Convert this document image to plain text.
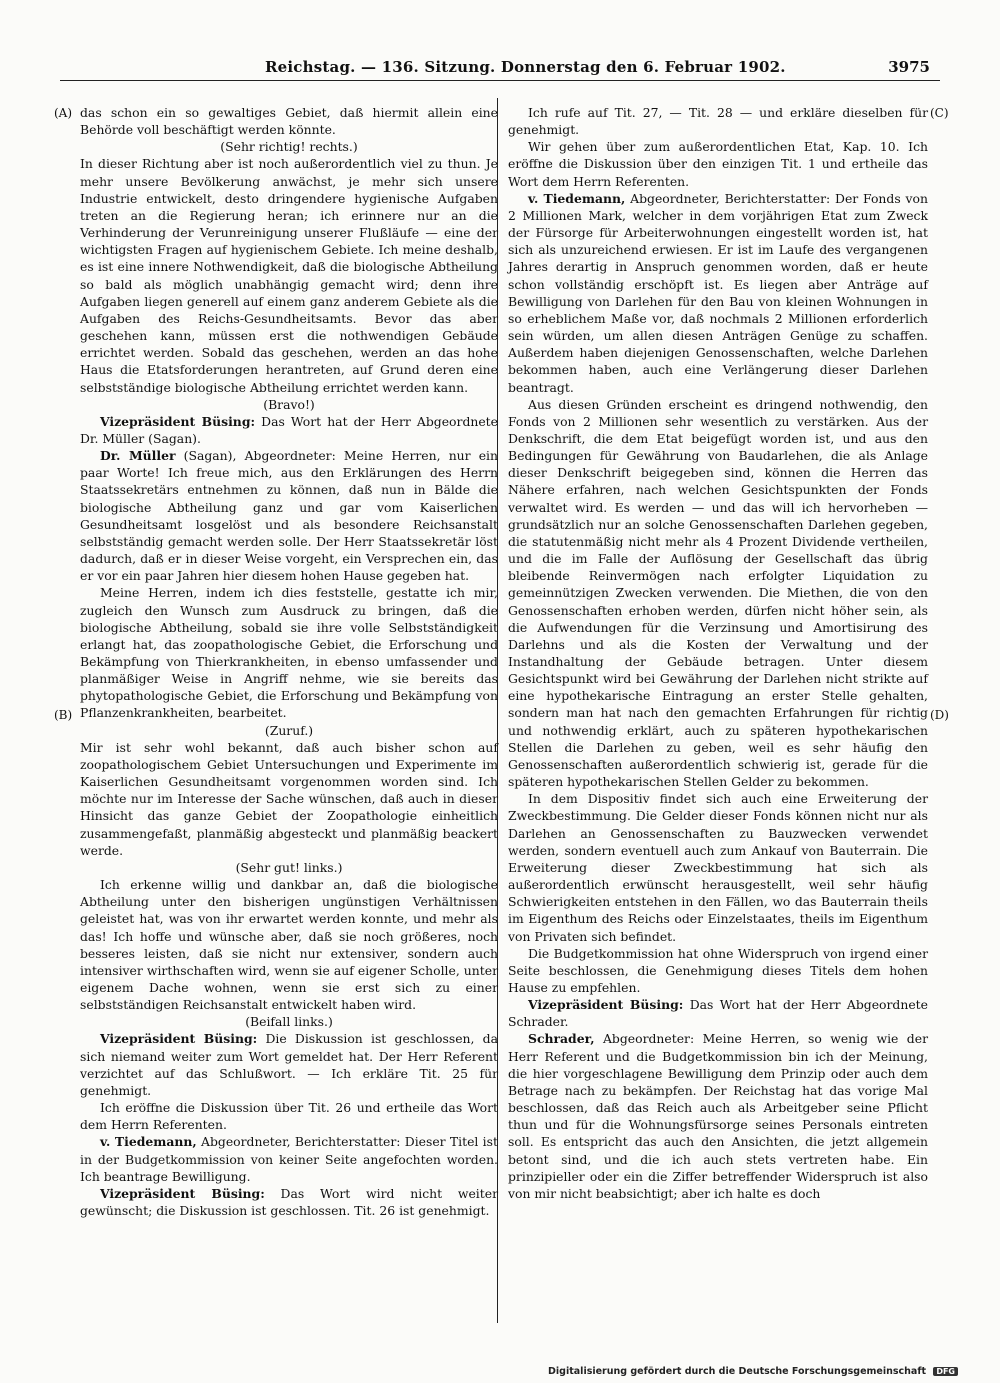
Reichstag. — 136. Sitzung. Donnerstag den 6. Februar 1902.	3975
(A)
(B)
(C)
(D)

das schon ein so gewaltiges Gebiet, daß hiermit allein eine Behörde voll beschäftigt werden könnte.

(Sehr richtig! rechts.)

In dieser Richtung aber ist noch außerordentlich viel zu thun. Je mehr unsere Bevölkerung anwächst, je mehr sich unsere Industrie entwickelt, desto dringendere hygienische Aufgaben treten an die Regierung heran; ich erinnere nur an die Verhinderung der Verunreinigung unserer Flußläufe — eine der wichtigsten Fragen auf hygienischem Gebiete. Ich meine deshalb, es ist eine innere Nothwendigkeit, daß die biologische Abtheilung so bald als möglich unabhängig gemacht wird; denn ihre Aufgaben liegen generell auf einem ganz anderem Gebiete als die Aufgaben des Reichs-Gesundheitsamts. Bevor das aber geschehen kann, müssen erst die nothwendigen Gebäude errichtet werden. Sobald das geschehen, werden an das hohe Haus die Etatsforderungen herantreten, auf Grund deren eine selbstständige biologische Abtheilung errichtet werden kann.

(Bravo!)

Vizepräsident Büsing: Das Wort hat der Herr Abgeordnete Dr. Müller (Sagan).

Dr. Müller (Sagan), Abgeordneter: Meine Herren, nur ein paar Worte! Ich freue mich, aus den Erklärungen des Herrn Staatssekretärs entnehmen zu können, daß nun in Bälde die biologische Abtheilung ganz und gar vom Kaiserlichen Gesundheitsamt losgelöst und als besondere Reichsanstalt selbstständig gemacht werden solle. Der Herr Staatssekretär löst dadurch, daß er in dieser Weise vorgeht, ein Versprechen ein, das er vor ein paar Jahren hier diesem hohen Hause gegeben hat.

Meine Herren, indem ich dies feststelle, gestatte ich mir, zugleich den Wunsch zum Ausdruck zu bringen, daß die biologische Abtheilung, sobald sie ihre volle Selbstständigkeit erlangt hat, das zoopathologische Gebiet, die Erforschung und Bekämpfung von Thierkrankheiten, in ebenso umfassender und planmäßiger Weise in Angriff nehme, wie sie bereits das phytopathologische Gebiet, die Erforschung und Bekämpfung von Pflanzenkrankheiten, bearbeitet.

(Zuruf.)

Mir ist sehr wohl bekannt, daß auch bisher schon auf zoopathologischem Gebiet Untersuchungen und Experimente im Kaiserlichen Gesundheitsamt vorgenommen worden sind. Ich möchte nur im Interesse der Sache wünschen, daß auch in dieser Hinsicht das ganze Gebiet der Zoopathologie einheitlich zusammengefaßt, planmäßig abgesteckt und planmäßig beackert werde.

(Sehr gut! links.)

Ich erkenne willig und dankbar an, daß die biologische Abtheilung unter den bisherigen ungünstigen Verhältnissen geleistet hat, was von ihr erwartet werden konnte, und mehr als das! Ich hoffe und wünsche aber, daß sie noch größeres, noch besseres leisten, daß sie nicht nur extensiver, sondern auch intensiver wirthschaften wird, wenn sie auf eigener Scholle, unter eigenem Dache wohnen, wenn sie erst sich zu einer selbstständigen Reichsanstalt entwickelt haben wird.

(Beifall links.)

Vizepräsident Büsing: Die Diskussion ist geschlossen, da sich niemand weiter zum Wort gemeldet hat. Der Herr Referent verzichtet auf das Schlußwort. — Ich erkläre Tit. 25 für genehmigt.

Ich eröffne die Diskussion über Tit. 26 und ertheile das Wort dem Herrn Referenten.

v. Tiedemann, Abgeordneter, Berichterstatter: Dieser Titel ist in der Budgetkommission von keiner Seite angefochten worden. Ich beantrage Bewilligung.

Vizepräsident Büsing: Das Wort wird nicht weiter gewünscht; die Diskussion ist geschlossen. Tit. 26 ist genehmigt.

Ich rufe auf Tit. 27, — Tit. 28 — und erkläre dieselben für genehmigt.

Wir gehen über zum außerordentlichen Etat, Kap. 10. Ich eröffne die Diskussion über den einzigen Tit. 1 und ertheile das Wort dem Herrn Referenten.

v. Tiedemann, Abgeordneter, Berichterstatter: Der Fonds von 2 Millionen Mark, welcher in dem vorjährigen Etat zum Zweck der Fürsorge für Arbeiterwohnungen eingestellt worden ist, hat sich als unzureichend erwiesen. Er ist im Laufe des vergangenen Jahres derartig in Anspruch genommen worden, daß er heute schon vollständig erschöpft ist. Es liegen aber Anträge auf Bewilligung von Darlehen für den Bau von kleinen Wohnungen in so erheblichem Maße vor, daß nochmals 2 Millionen erforderlich sein würden, um allen diesen Anträgen Genüge zu schaffen. Außerdem haben diejenigen Genossenschaften, welche Darlehen bekommen haben, auch eine Verlängerung dieser Darlehen beantragt.

Aus diesen Gründen erscheint es dringend nothwendig, den Fonds von 2 Millionen sehr wesentlich zu verstärken. Aus der Denkschrift, die dem Etat beigefügt worden ist, und aus den Bedingungen für Gewährung von Baudarlehen, die als Anlage dieser Denkschrift beigegeben sind, können die Herren das Nähere erfahren, nach welchen Gesichtspunkten der Fonds verwaltet wird. Es werden — und das will ich hervorheben — grundsätzlich nur an solche Genossenschaften Darlehen gegeben, die statutenmäßig nicht mehr als 4 Prozent Dividende vertheilen, und die im Falle der Auflösung der Gesellschaft das übrig bleibende Reinvermögen nach erfolgter Liquidation zu gemeinnützigen Zwecken verwenden. Die Miethen, die von den Genossenschaften erhoben werden, dürfen nicht höher sein, als die Aufwendungen für die Verzinsung und Amortisirung des Darlehns und als die Kosten der Verwaltung und der Instandhaltung der Gebäude betragen. Unter diesem Gesichtspunkt wird bei Gewährung der Darlehen nicht strikte auf eine hypothekarische Eintragung an erster Stelle gehalten, sondern man hat nach den gemachten Erfahrungen für richtig und nothwendig erklärt, auch zu späteren hypothekarischen Stellen die Darlehen zu geben, weil es sehr häufig den Genossenschaften außerordentlich schwierig ist, gerade für die späteren hypothekarischen Stellen Gelder zu bekommen.

In dem Dispositiv findet sich auch eine Erweiterung der Zweckbestimmung. Die Gelder dieser Fonds können nicht nur als Darlehen an Genossenschaften zu Bauzwecken verwendet werden, sondern eventuell auch zum Ankauf von Bauterrain. Die Erweiterung dieser Zweckbestimmung hat sich als außerordentlich erwünscht herausgestellt, weil sehr häufig Schwierigkeiten entstehen in den Fällen, wo das Bauterrain theils im Eigenthum des Reichs oder Einzelstaates, theils im Eigenthum von Privaten sich befindet.

Die Budgetkommission hat ohne Widerspruch von irgend einer Seite beschlossen, die Genehmigung dieses Titels dem hohen Hause zu empfehlen.

Vizepräsident Büsing: Das Wort hat der Herr Abgeordnete Schrader.

Schrader, Abgeordneter: Meine Herren, so wenig wie der Herr Referent und die Budgetkommission bin ich der Meinung, die hier vorgeschlagene Bewilligung dem Prinzip oder auch dem Betrage nach zu bekämpfen. Der Reichstag hat das vorige Mal beschlossen, daß das Reich auch als Arbeitgeber seine Pflicht thun und für die Wohnungsfürsorge seines Personals eintreten soll. Es entspricht das auch den Ansichten, die jetzt allgemein betont sind, und die ich auch stets vertreten habe. Ein prinzipieller oder ein die Ziffer betreffender Widerspruch ist also von mir nicht beabsichtigt; aber ich halte es doch

Digitalisierung gefördert durch die Deutsche Forschungsgemeinschaft DFG
